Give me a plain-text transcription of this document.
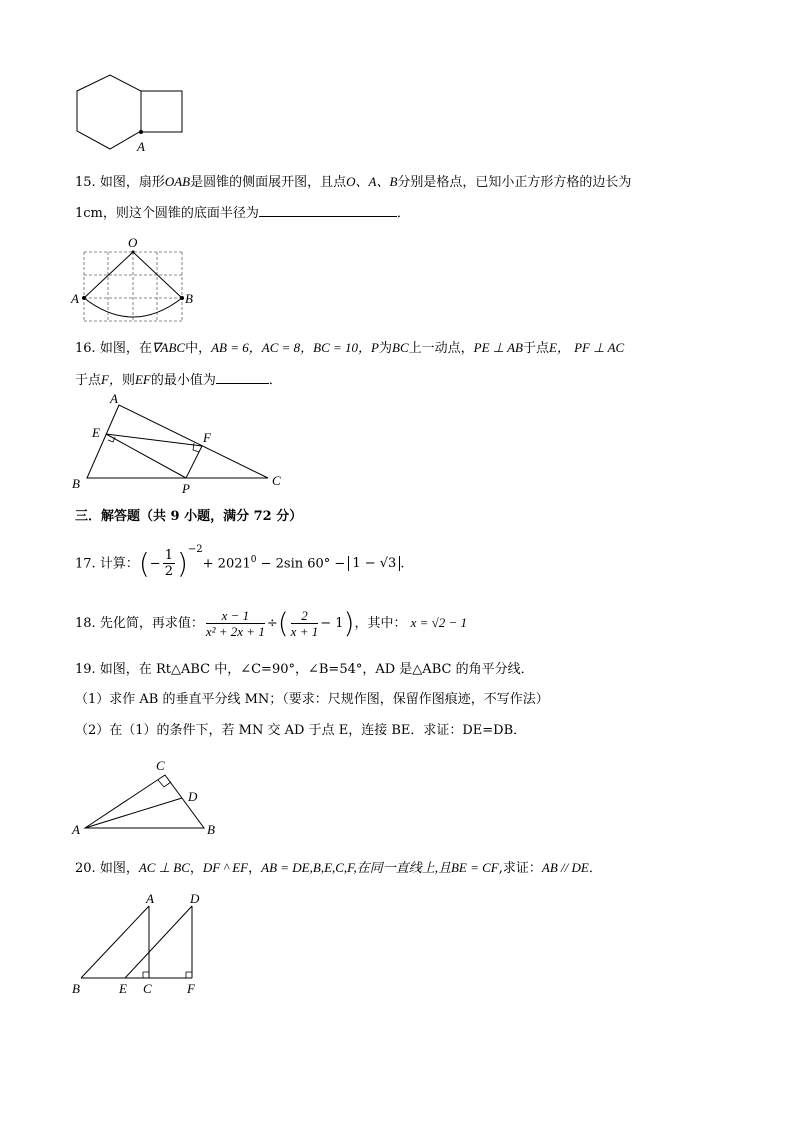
A
15. 如图，扇形OAB是圆锥的侧面展开图，且点O、A、B分别是格点，已知小正方形方格的边长为
1cm，则这个圆锥的底面半径为	．
O
A	B
16. 如图，在∇ABC中，AB = 6，AC = 8，BC = 10，P为BC上一动点，PE ⊥ AB于点E， PF ⊥ AC
于点F，则EF的最小值为	．
A
E	F
B	P
C
三．解答题（共 9 小题，满分 72 分）
17. 计算：(− $\frac{1}{2} )^{-2}+ 2021^0 - 2\sin$ 60° − 1 − √3 .
18. 先化简，再求值： $\frac{x - 1}{\text{x² + 2x + 1}}$ ÷( $\frac{2}{x + 1} - 1$)，其中： x = √2 − 1
19. 如图，在 Rt△ABC 中，∠C=90°，∠B=54°，AD 是△ABC 的角平分线．
（1）求作 AB 的垂直平分线 MN；（要求：尺规作图，保留作图痕迹，不写作法）
（2）在（1）的条件下，若 MN 交 AD 于点 E，连接 BE．求证：DE=DB．
C
D
A	B
20. 如图，AC ⊥ BC，DF ^ EF，AB = DE,B,E,C,F,在同一直线上,且BE = CF,求证：AB // DE．
A	D
B	E C	F
